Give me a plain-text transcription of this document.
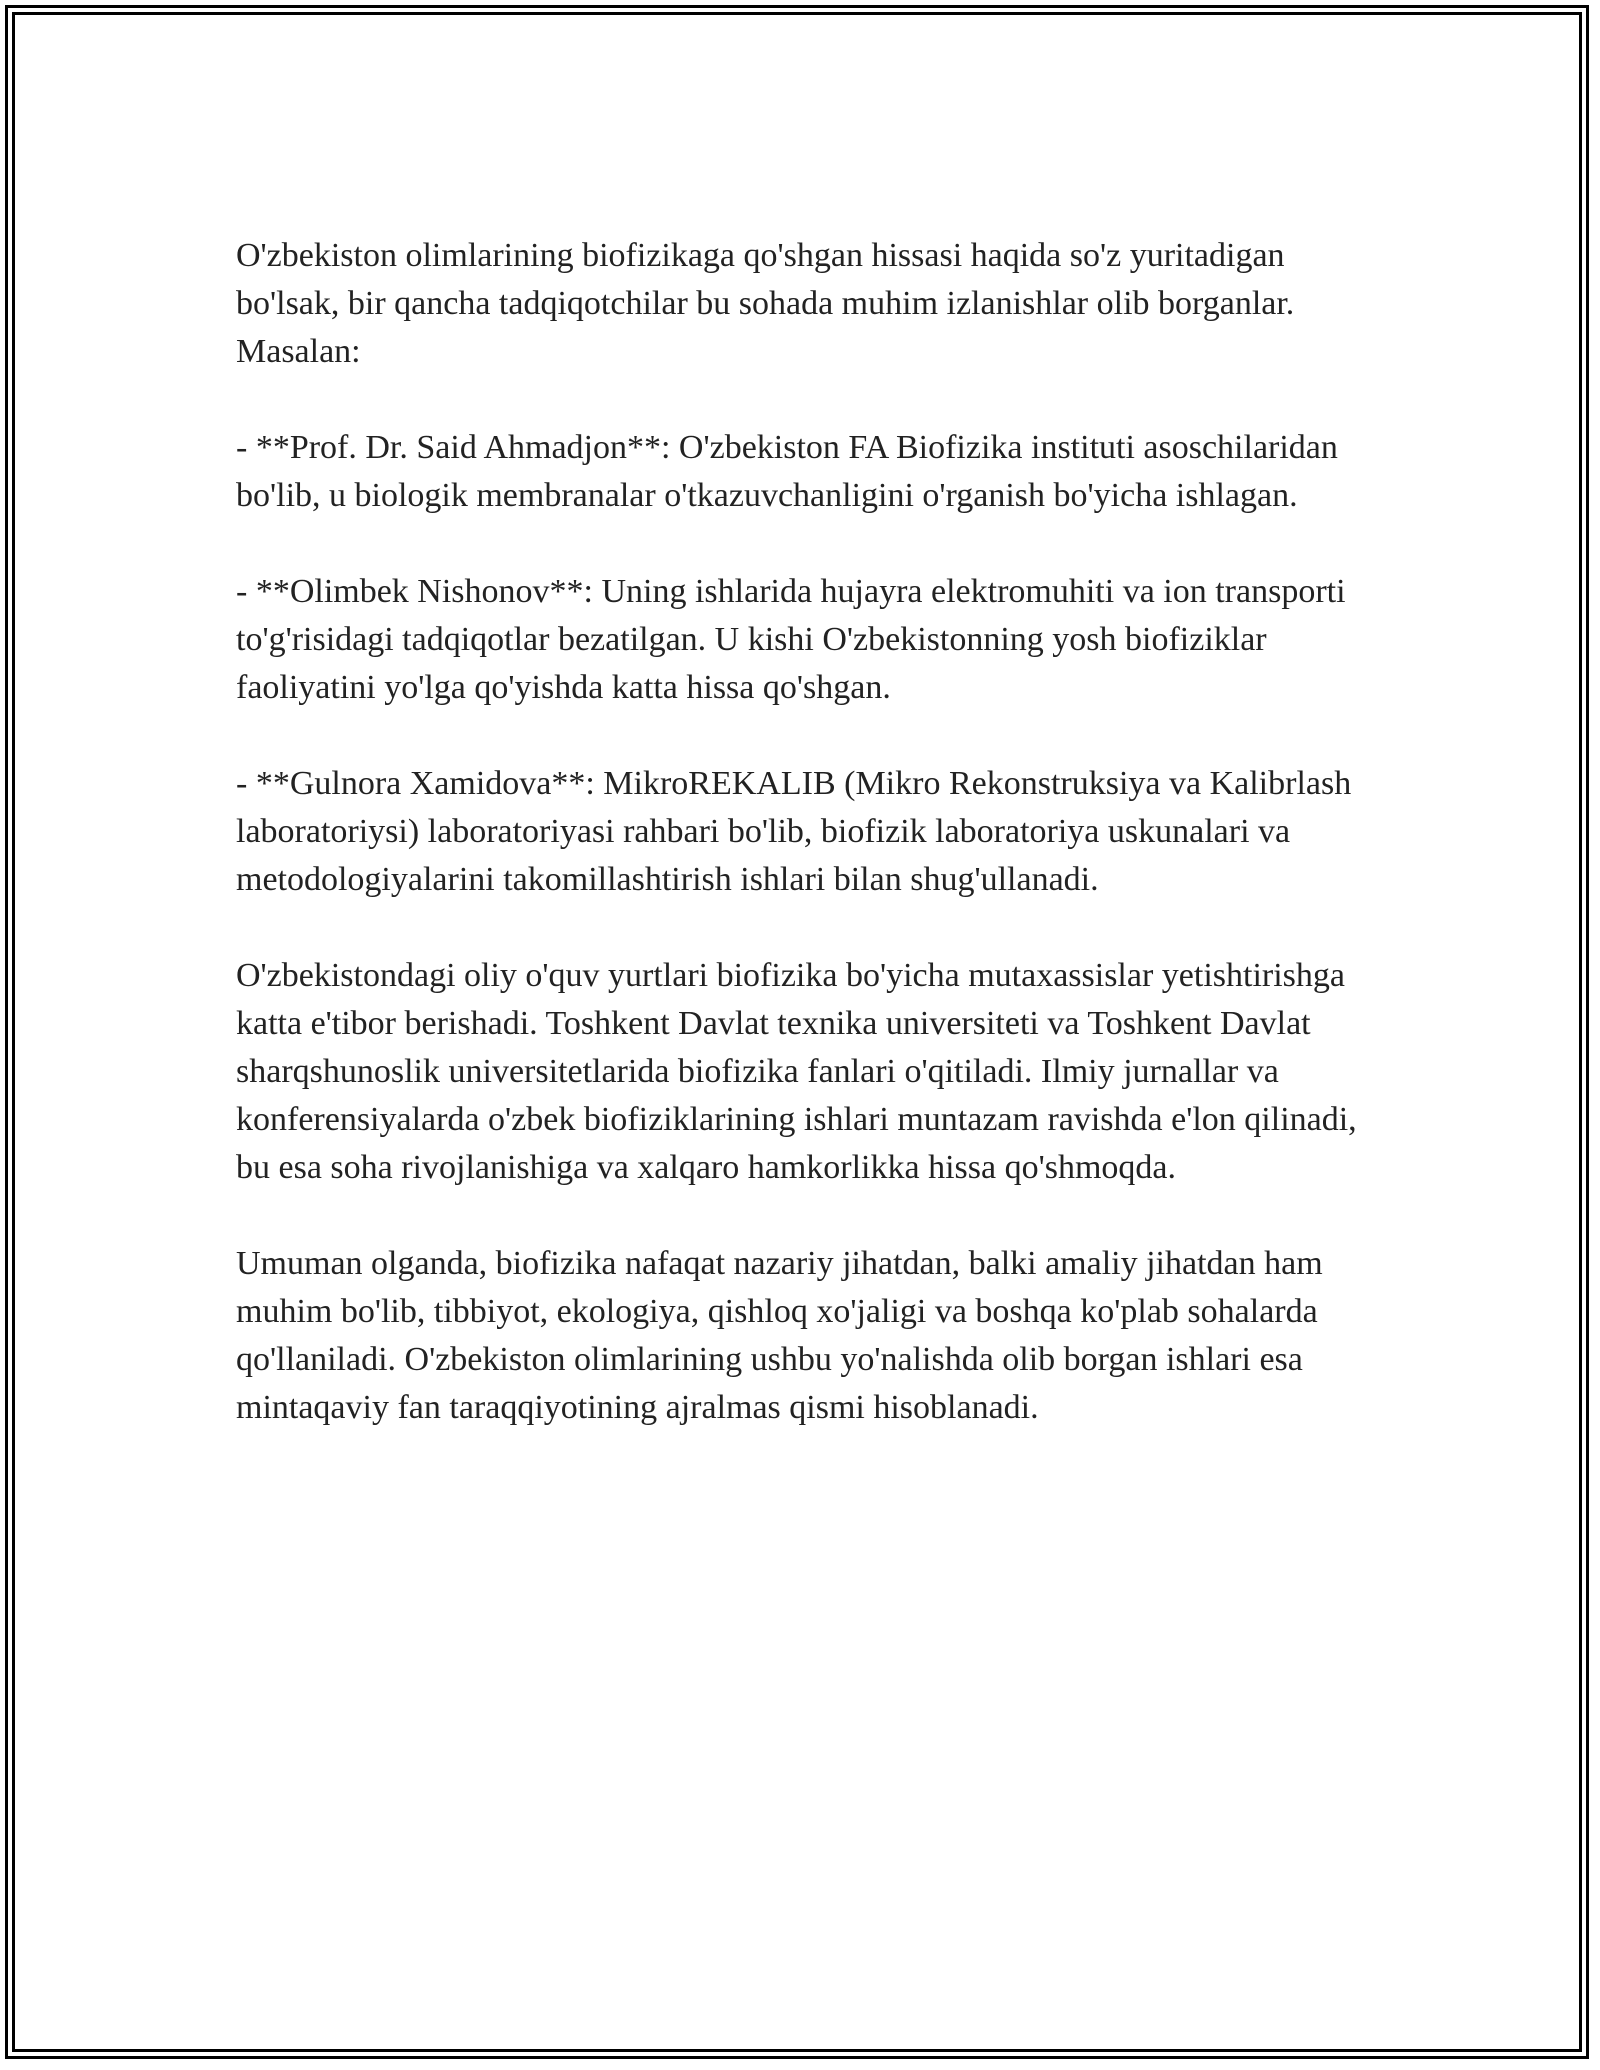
O'zbekiston olimlarining biofizikaga qo'shgan hissasi haqida so'z yuritadigan bo'lsak, bir qancha tadqiqotchilar bu sohada muhim izlanishlar olib borganlar. Masalan:

- **Prof. Dr. Said Ahmadjon**: O'zbekiston FA Biofizika instituti asoschilaridan bo'lib, u biologik membranalar o'tkazuvchanligini o'rganish bo'yicha ishlagan.

- **Olimbek Nishonov**: Uning ishlarida hujayra elektromuhiti va ion transporti to'g'risidagi tadqiqotlar bezatilgan. U kishi O'zbekistonning yosh biofiziklar faoliyatini yo'lga qo'yishda katta hissa qo'shgan.

- **Gulnora Xamidova**: MikroREKALIB (Mikro Rekonstruksiya va Kalibrlash laboratoriysi) laboratoriyasi rahbari bo'lib, biofizik laboratoriya uskunalari va metodologiyalarini takomillashtirish ishlari bilan shug'ullanadi.

O'zbekistondagi oliy o'quv yurtlari biofizika bo'yicha mutaxassislar yetishtirishga katta e'tibor berishadi. Toshkent Davlat texnika universiteti va Toshkent Davlat sharqshunoslik universitetlarida biofizika fanlari o'qitiladi. Ilmiy jurnallar va konferensiyalarda o'zbek biofiziklarining ishlari muntazam ravishda e'lon qilinadi, bu esa soha rivojlanishiga va xalqaro hamkorlikka hissa qo'shmoqda.

Umuman olganda, biofizika nafaqat nazariy jihatdan, balki amaliy jihatdan ham muhim bo'lib, tibbiyot, ekologiya, qishloq xo'jaligi va boshqa ko'plab sohalarda qo'llaniladi. O'zbekiston olimlarining ushbu yo'nalishda olib borgan ishlari esa mintaqaviy fan taraqqiyotining ajralmas qismi hisoblanadi.
